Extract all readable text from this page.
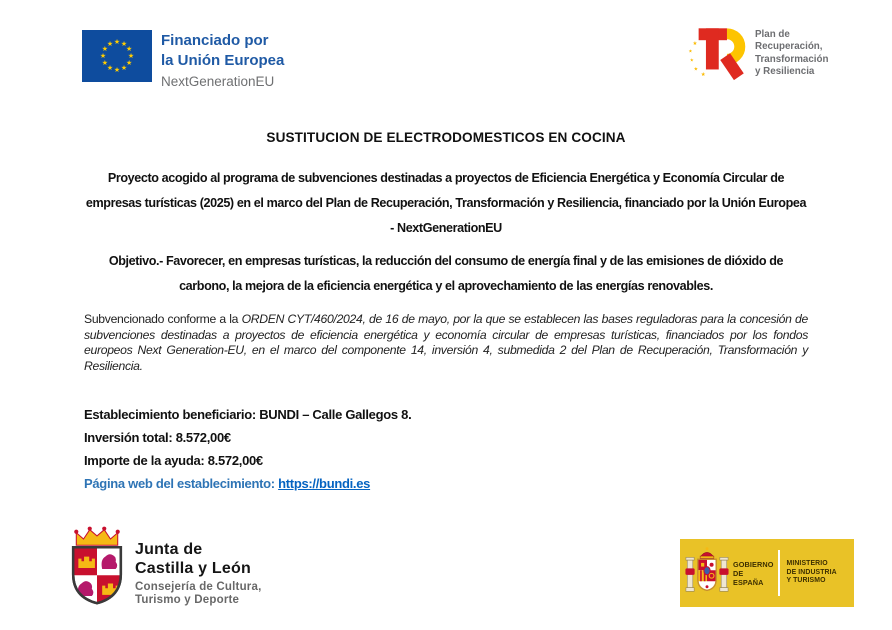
★ ★
★
★
★
★
★
★
★
★
★
★	Financiado por
la Unión Europea
NextGenerationEU
★
★
★
★
★
Plan de
Recuperación,
Transformación
y Resiliencia
SUSTITUCION DE ELECTRODOMESTICOS EN COCINA

Proyecto acogido al programa de subvenciones destinadas a proyectos de Eficiencia Energética y Economía Circular de empresas turísticas (2025) en el marco del Plan de Recuperación, Transformación y Resiliencia, financiado por la Unión Europea - NextGenerationEU

Objetivo.- Favorecer, en empresas turísticas, la reducción del consumo de energía final y de las emisiones de dióxido de carbono, la mejora de la eficiencia energética y el aprovechamiento de las energías renovables.

Subvencionado conforme a la ORDEN CYT/460/2024, de 16 de mayo, por la que se establecen las bases reguladoras para la concesión de subvenciones destinadas a proyectos de eficiencia energética y economía circular de empresas turísticas, financiados por los fondos europeos Next Generation-EU, en el marco del componente 14, inversión 4, submedida 2 del Plan de Recuperación, Transformación y Resiliencia.

Establecimiento beneficiario: BUNDI – Calle Gallegos 8.

Inversión total: 8.572,00€

Importe de la ayuda: 8.572,00€

Página web del establecimiento: https://bundi.es

Junta de
Castilla y León
Consejería de Cultura,
Turismo y Deporte
GOBIERNO
DE ESPAÑA
MINISTERIO
DE INDUSTRIA
Y TURISMO
